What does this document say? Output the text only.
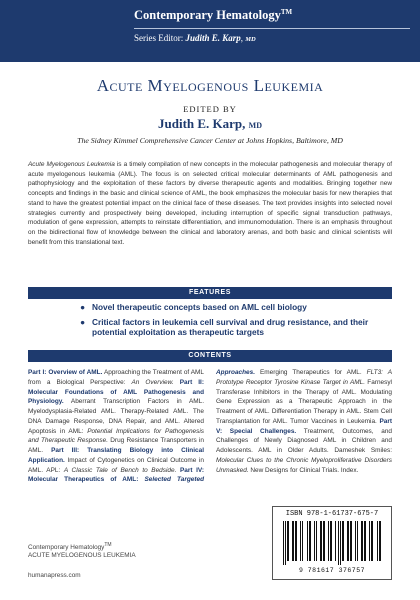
Contemporary Hematology™
Series Editor: Judith E. Karp, MD
Acute Myelogenous Leukemia
EDITED BY
Judith E. Karp, MD
The Sidney Kimmel Comprehensive Cancer Center at Johns Hopkins, Baltimore, MD

Acute Myelogenous Leukemia is a timely compilation of new concepts in the molecular pathogenesis and molecular therapy of acute myelogenous leukemia (AML). The focus is on selected critical molecular determinants of AML pathogenesis and pathophysiology and the exploitation of these factors by diverse therapeutic agents and modalities. Bringing together new concepts and findings in the basic and clinical science of AML, the book emphasizes the molecular basis for new therapies that stand to have the greatest potential impact on the clinical face of these diseases. The text provides insights into selected novel strategies currently and prospectively being developed, including interruption of specific signal transduction pathways, modulation of gene expression, attempts to reinstate differentiation, and immunomodulation. There is an emphasis throughout on the bidirectional flow of knowledge between the clinical and laboratory arenas, and both basic and clinical scientists will benefit from this translational text.

FEATURES
● Novel therapeutic concepts based on AML cell biology
● Critical factors in leukemia cell survival and drug resistance, and their potential exploitation as therapeutic targets
CONTENTS

Part I: Overview of AML. Approaching the Treatment of AML from a Biological Perspective: An Overview. Part II: Molecular Foundations of AML Pathogenesis and Physiology. Aberrant Transcription Factors in AML. Myelodysplasia-Related AML. Therapy-Related AML. The DNA Damage Response, DNA Repair, and AML. Altered Apoptosis in AML: Potential Implications for Pathogenesis and Therapeutic Response. Drug Resistance Transporters in AML. Part III: Translating Biology into Clinical Application. Impact of Cytogenetics on Clinical Outcome in AML. APL: A Classic Tale of Bench to Bedside. Part IV: Molecular Therapeutics of AML: Selected Targeted Approaches. Emerging Therapeutics for AML. FLT3: A Prototype Receptor Tyrosine Kinase Target in AML. Farnesyl Transferase Inhibitors in the Therapy of AML. Modulating Gene Expression as a Therapeutic Approach in the Treatment of AML. Differentiation Therapy in AML. Stem Cell Transplantation for AML. Tumor Vaccines in Leukemia. Part V: Special Challenges. Treatment, Outcomes, and Challenges of Newly Diagnosed AML in Children and Adolescents. AML in Older Adults. Dameshek Smiles: Molecular Clues to the Chronic Myeloproliferative Disorders Unmasked. New Designs for Clinical Trials. Index.

ISBN 978-1-61737-675-7
9 781617 376757
Contemporary Hematology™
ACUTE MYELOGENOUS LEUKEMIA
humanapress.com
